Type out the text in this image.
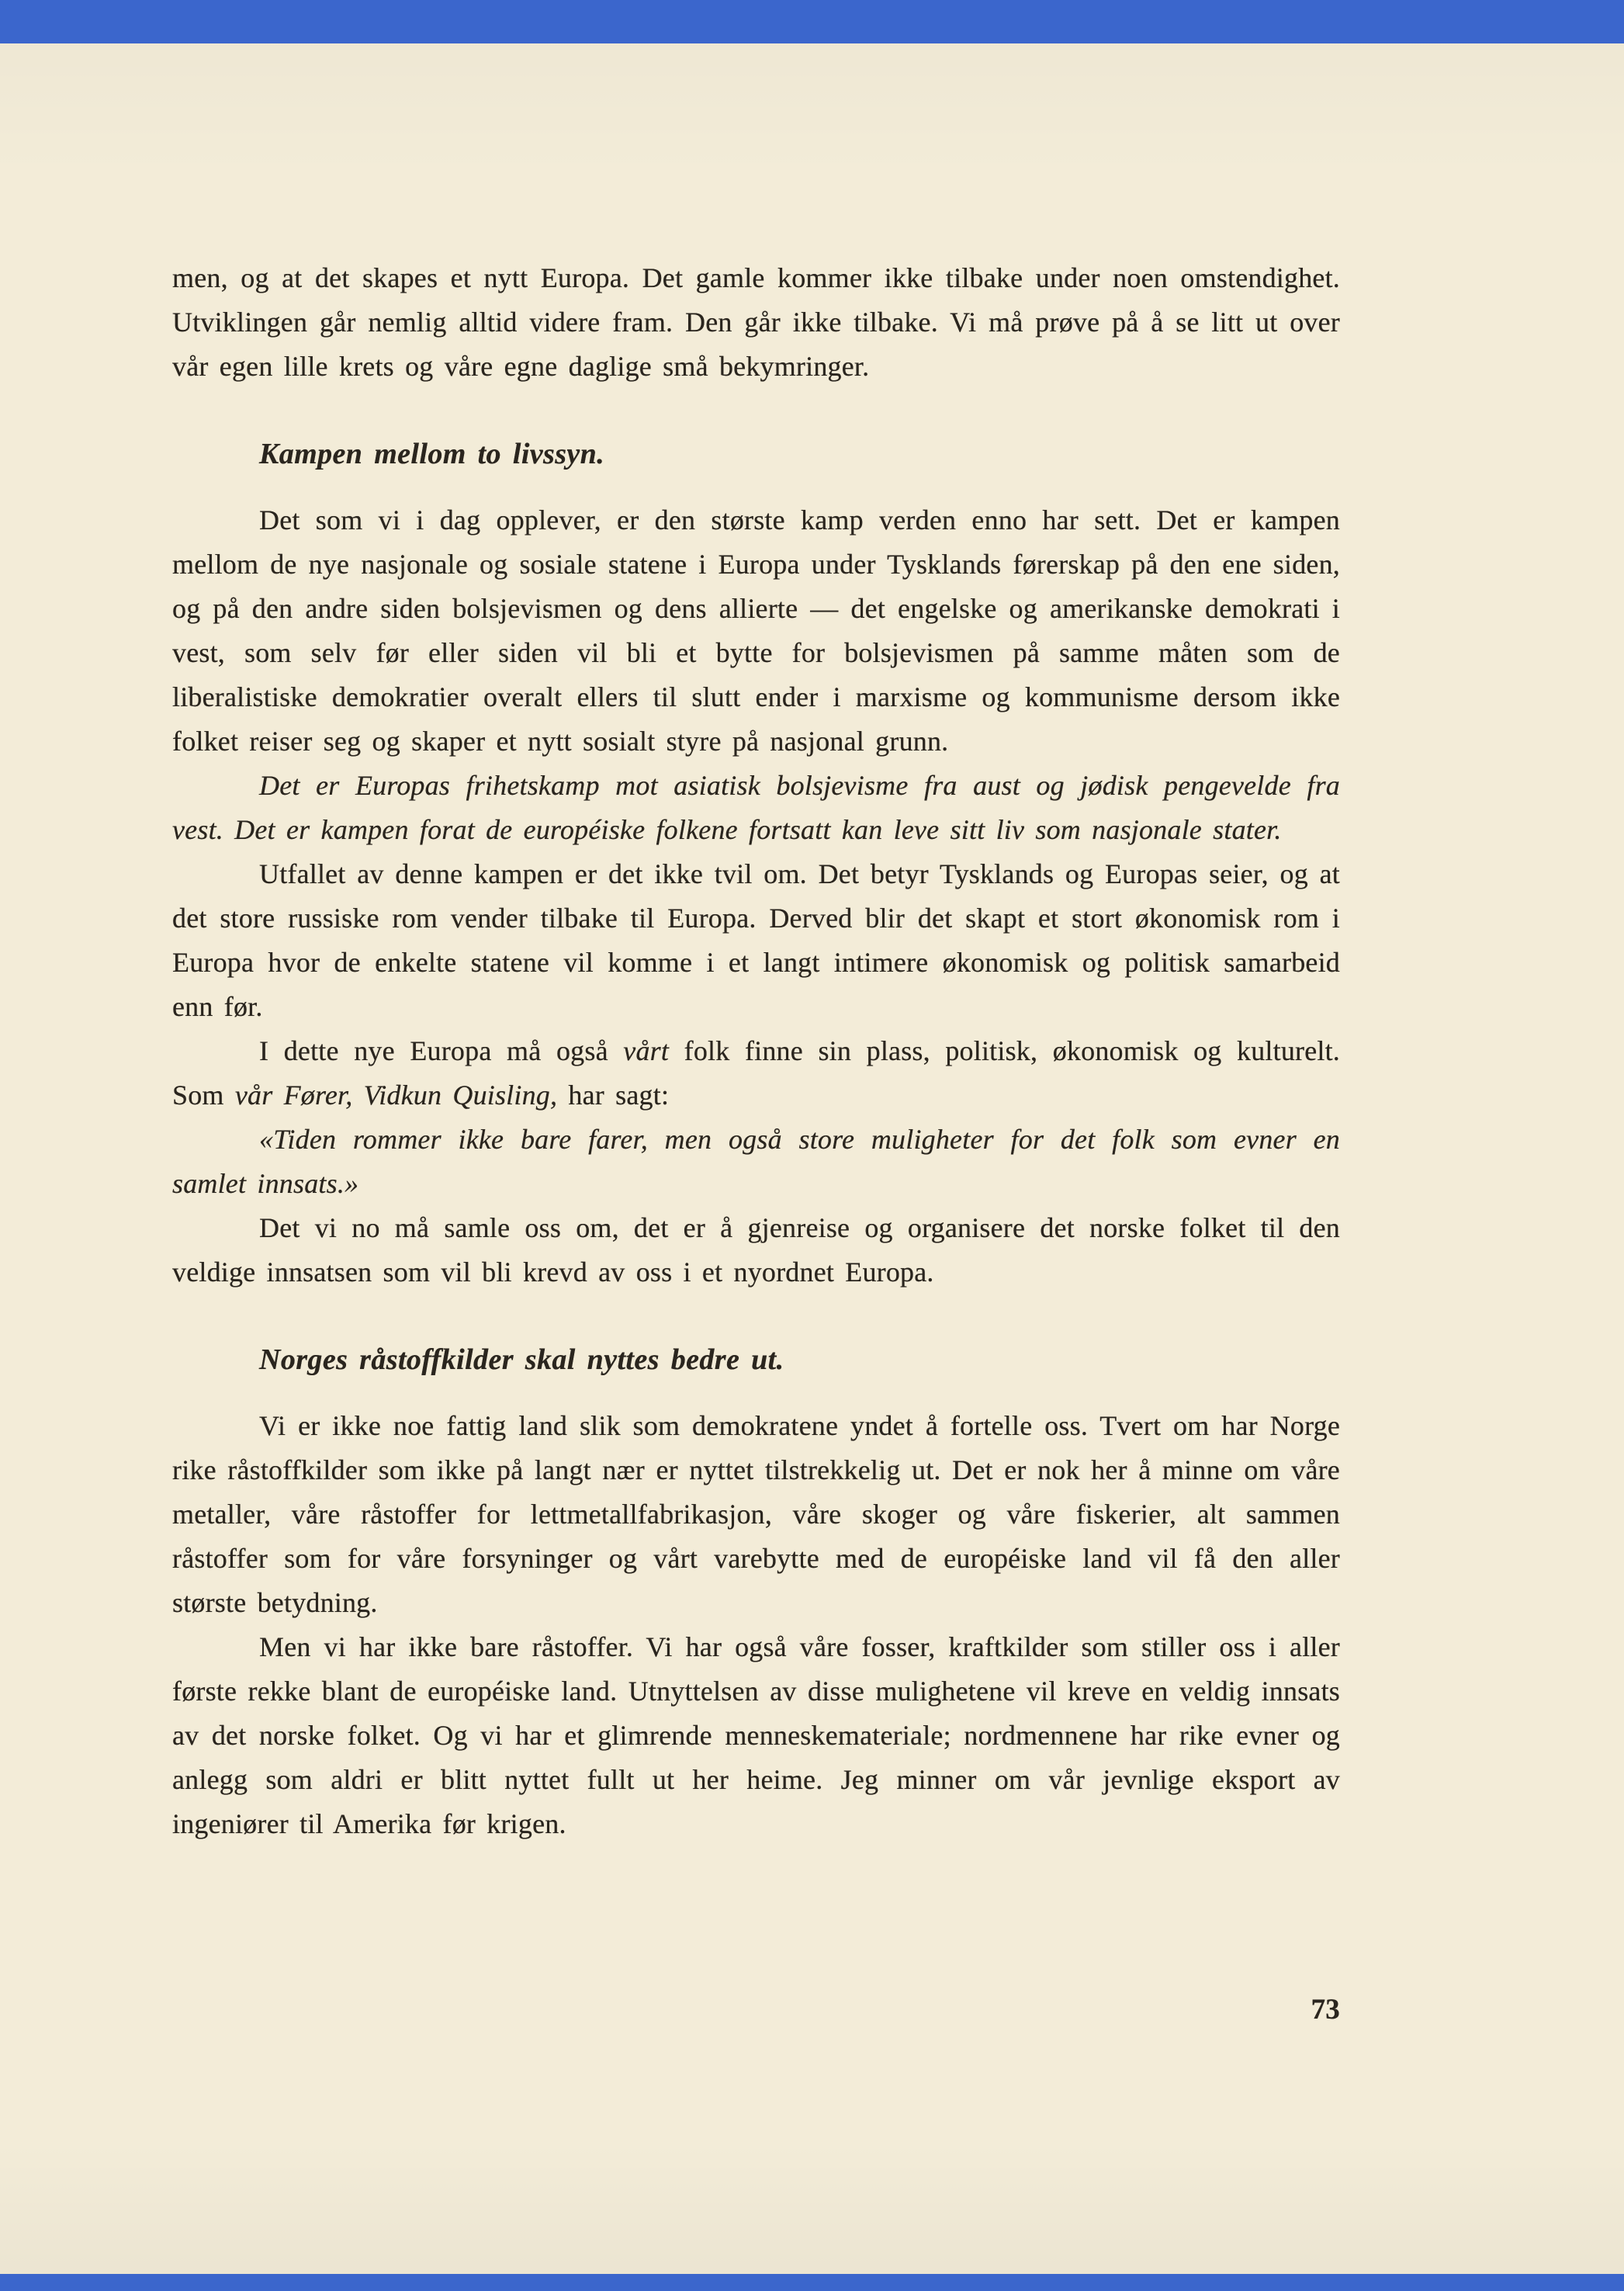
men, og at det skapes et nytt Europa. Det gamle kommer ikke tilbake under noen omstendighet. Utviklingen går nemlig alltid videre fram. Den går ikke tilbake. Vi må prøve på å se litt ut over vår egen lille krets og våre egne daglige små bekymringer.

Kampen mellom to livssyn.

Det som vi i dag opplever, er den største kamp verden enno har sett. Det er kampen mellom de nye nasjonale og sosiale statene i Europa under Tysklands førerskap på den ene siden, og på den andre siden bolsjevismen og dens allierte — det engelske og amerikanske demokrati i vest, som selv før eller siden vil bli et bytte for bolsjevismen på samme måten som de liberalistiske demokratier overalt ellers til slutt ender i marxisme og kommunisme dersom ikke folket reiser seg og skaper et nytt sosialt styre på nasjonal grunn.

Det er Europas frihetskamp mot asiatisk bolsjevisme fra aust og jødisk pengevelde fra vest. Det er kampen forat de européiske folkene fortsatt kan leve sitt liv som nasjonale stater.

Utfallet av denne kampen er det ikke tvil om. Det betyr Tysklands og Europas seier, og at det store russiske rom vender tilbake til Europa. Derved blir det skapt et stort økonomisk rom i Europa hvor de enkelte statene vil komme i et langt intimere økonomisk og politisk samarbeid enn før.

I dette nye Europa må også vårt folk finne sin plass, politisk, økonomisk og kulturelt. Som vår Fører, Vidkun Quisling, har sagt:

«Tiden rommer ikke bare farer, men også store muligheter for det folk som evner en samlet innsats.»

Det vi no må samle oss om, det er å gjenreise og organisere det norske folket til den veldige innsatsen som vil bli krevd av oss i et nyordnet Europa.

Norges råstoffkilder skal nyttes bedre ut.

Vi er ikke noe fattig land slik som demokratene yndet å fortelle oss. Tvert om har Norge rike råstoffkilder som ikke på langt nær er nyttet tilstrekkelig ut. Det er nok her å minne om våre metaller, våre råstoffer for lettmetallfabrikasjon, våre skoger og våre fiskerier, alt sammen råstoffer som for våre forsyninger og vårt varebytte med de européiske land vil få den aller største betydning.

Men vi har ikke bare råstoffer. Vi har også våre fosser, kraftkilder som stiller oss i aller første rekke blant de européiske land. Utnyttelsen av disse mulighetene vil kreve en veldig innsats av det norske folket. Og vi har et glimrende menneskemateriale; nordmennene har rike evner og anlegg som aldri er blitt nyttet fullt ut her heime. Jeg minner om vår jevnlige eksport av ingeniører til Amerika før krigen.

73
